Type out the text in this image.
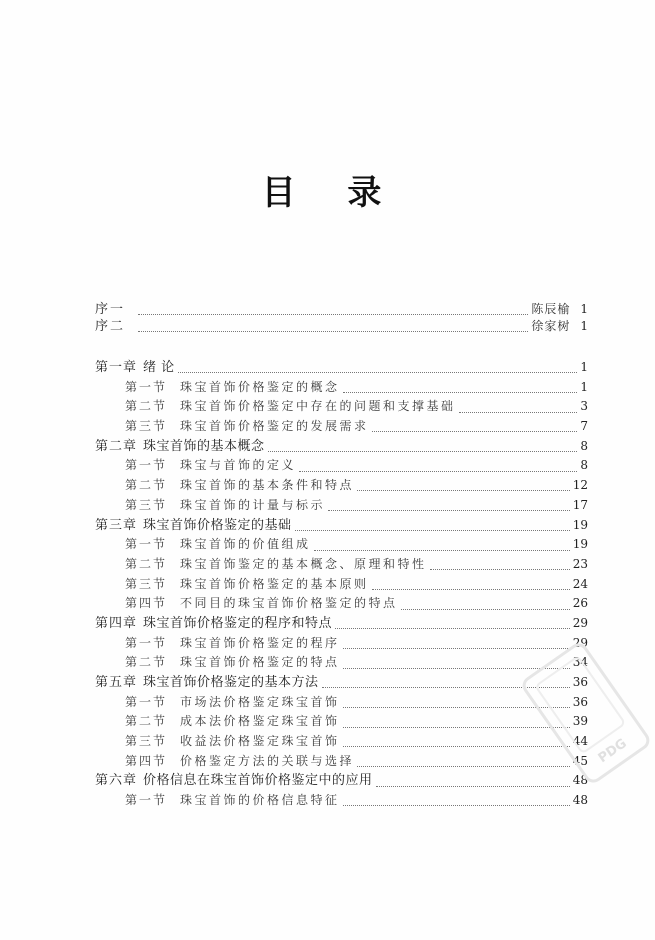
目 录
序一	陈辰榆 1
序二	徐家树 1
第一章 绪 论	1
第一节	珠宝首饰价格鉴定的概念	1
第二节	珠宝首饰价格鉴定中存在的问题和支撑基础	3
第三节	珠宝首饰价格鉴定的发展需求	7
第二章 珠宝首饰的基本概念	8
第一节	珠宝与首饰的定义	8
第二节	珠宝首饰的基本条件和特点	12
第三节	珠宝首饰的计量与标示	17
第三章 珠宝首饰价格鉴定的基础	19
第一节	珠宝首饰的价值组成	19
第二节	珠宝首饰鉴定的基本概念、原理和特性	23
第三节	珠宝首饰价格鉴定的基本原则	24
第四节	不同目的珠宝首饰价格鉴定的特点	26
第四章 珠宝首饰价格鉴定的程序和特点	29
第一节	珠宝首饰价格鉴定的程序	29
第二节	珠宝首饰价格鉴定的特点	34
第五章 珠宝首饰价格鉴定的基本方法	36
第一节	市场法价格鉴定珠宝首饰	36
第二节	成本法价格鉴定珠宝首饰	39
第三节	收益法价格鉴定珠宝首饰	44
第四节	价格鉴定方法的关联与选择	45
第六章 价格信息在珠宝首饰价格鉴定中的应用	48
第一节	珠宝首饰的价格信息特征	48
PDG
